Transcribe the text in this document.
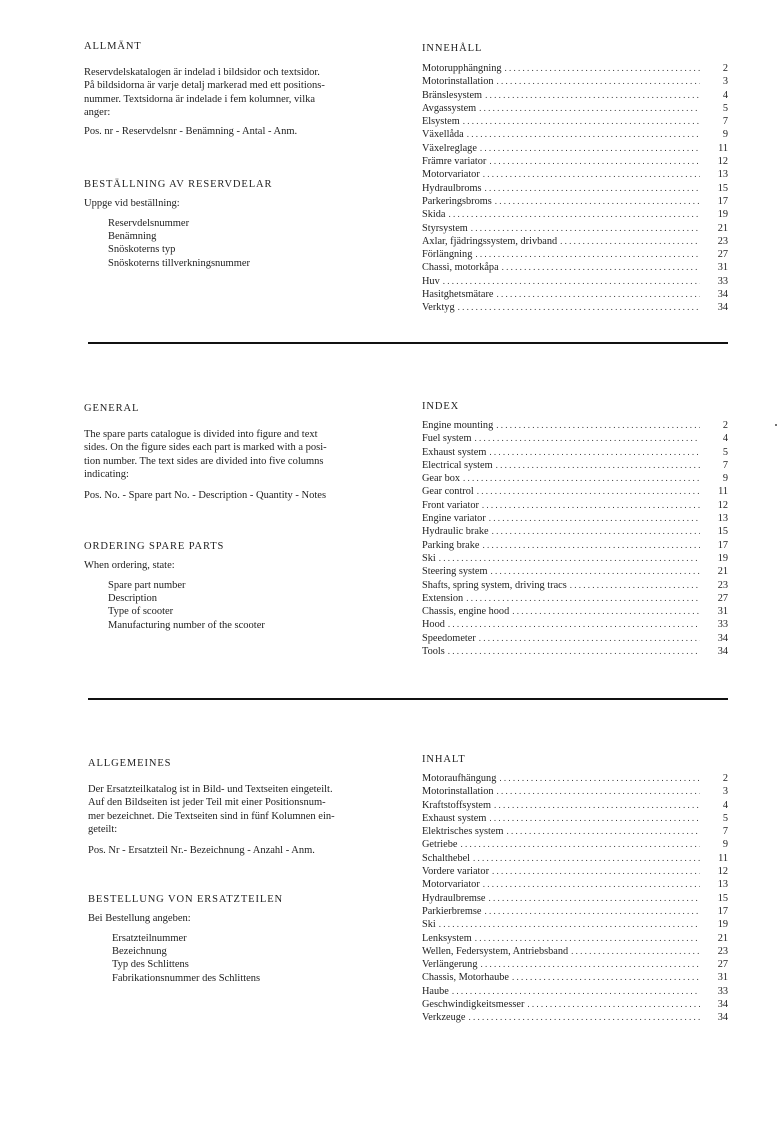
ALLMÄNT

Reservdelskatalogen är indelad i bildsidor och textsidor.

På bildsidorna är varje detalj markerad med ett positions-

nummer. Textsidorna är indelade i fem kolumner, vilka

anger:

Pos. nr - Reservdelsnr - Benämning - Antal - Anm.

BESTÄLLNING AV RESERVDELAR

Uppge vid beställning:

Reservdelsnummer

Benämning

Snöskoterns typ

Snöskoterns tillverkningsnummer

INNEHÅLL

Motorupphängning . . .	2
Motorinstallation . . .	3
Bränslesystem . . .	4
Avgassystem . . .	5
Elsystem . . .	7
Växellåda . . .	9
Växelreglage . . .	11
Främre variator . . .	12
Motorvariator . . .	13
Hydraulbroms . . .	15
Parkeringsbroms . . .	17
Skida . . .	19
Styrsystem . . .	21
Axlar, fjädringssystem, drivband . . .	23
Förlängning . . .	27
Chassi, motorkåpa . . .	31
Huv . . .	33
Hasitghetsmätare . . .	34
Verktyg . . .	34

GENERAL

The spare parts catalogue is divided into figure and text

sides. On the figure sides each part is marked with a posi-

tion number. The text sides are divided into five columns

indicating:

Pos. No. - Spare part No. - Description - Quantity - Notes

ORDERING SPARE PARTS

When ordering, state:

Spare part number

Description

Type of scooter

Manufacturing number of the scooter

INDEX

Engine mounting . . .	2
Fuel system . . .	4
Exhaust system . . .	5
Electrical system . . .	7
Gear box . . .	9
Gear control . . .	11
Front variator . . .	12
Engine variator . . .	13
Hydraulic brake . . .	15
Parking brake . . .	17
Ski . . .	19
Steering system . . .	21
Shafts, spring system, driving tracs . . .	23
Extension . . .	27
Chassis, engine hood . . .	31
Hood . . .	33
Speedometer . . .	34
Tools . . .	34

ALLGEMEINES

Der Ersatzteilkatalog ist in Bild- und Textseiten eingeteilt.

Auf den Bildseiten ist jeder Teil mit einer Positionsnum-

mer bezeichnet. Die Textseiten sind in fünf Kolumnen ein-

geteilt:

Pos. Nr - Ersatzteil Nr.- Bezeichnung - Anzahl - Anm.

BESTELLUNG VON ERSATZTEILEN

Bei Bestellung angeben:

Ersatzteilnummer

Bezeichnung

Typ des Schlittens

Fabrikationsnummer des Schlittens

INHALT

Motoraufhängung . . .	2
Motorinstallation . . .	3
Kraftstoffsystem . . .	4
Exhaust system . . .	5
Elektrisches system . . .	7
Getriebe . . .	9
Schalthebel . . .	11
Vordere variator . . .	12
Motorvariator . . .	13
Hydraulbremse . . .	15
Parkierbremse . . .	17
Ski . . .	19
Lenksystem . . .	21
Wellen, Federsystem, Antriebsband . . .	23
Verlängerung . . .	27
Chassis, Motorhaube . . .	31
Haube . . .	33
Geschwindigkeitsmesser . . .	34
Verkzeuge . . .	34
